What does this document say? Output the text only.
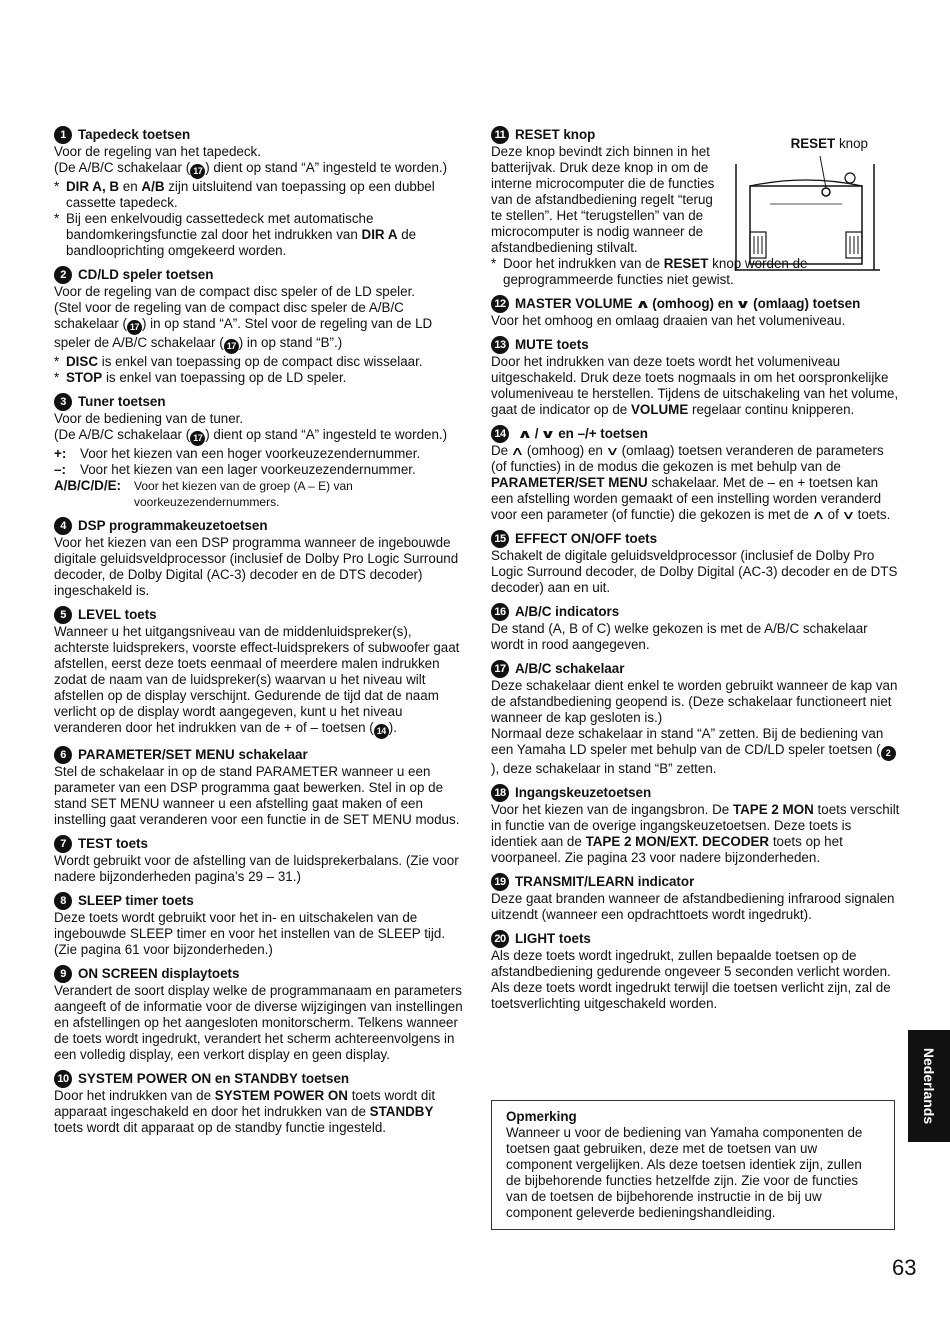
1 Tapedeck toetsen

Voor de regeling van het tapedeck.

(De A/B/C schakelaar ( 17 ) dient op stand “A” ingesteld te worden.)

* DIR A, B en A/B zijn uitsluitend van toepassing op een dubbel cassette tapedeck.
* Bij een enkelvoudig cassettedeck met automatische bandomkeringsfunctie zal door het indrukken van DIR A de bandlooprichting omgekeerd worden.
2 CD/LD speler toetsen

Voor de regeling van de compact disc speler of de LD speler.

(Stel voor de regeling van de compact disc speler de A/B/C schakelaar ( 17 ) in op stand “A”. Stel voor de regeling van de LD speler de A/B/C schakelaar ( 17 ) in op stand “B”.)

* DISC is enkel van toepassing op de compact disc wisselaar.
* STOP is enkel van toepassing op de LD speler.
3 Tuner toetsen

Voor de bediening van de tuner.

(De A/B/C schakelaar ( 17 ) dient op stand “A” ingesteld te worden.)

+:	Voor het kiezen van een hoger voorkeuzezendernummer.
–:	Voor het kiezen van een lager voorkeuzezendernummer.
A/B/C/D/E:	Voor het kiezen van de groep (A – E) van voorkeuzezendernummers.
4 DSP programmakeuzetoetsen

Voor het kiezen van een DSP programma wanneer de ingebouwde digitale geluidsveldprocessor (inclusief de Dolby Pro Logic Surround decoder, de Dolby Digital (AC-3) decoder en de DTS decoder) ingeschakeld is.

5 LEVEL toets

Wanneer u het uitgangsniveau van de middenluidspreker(s), achterste luidsprekers, voorste effect-luidsprekers of subwoofer gaat afstellen, eerst deze toets eenmaal of meerdere malen indrukken zodat de naam van de luidspreker(s) waarvan u het niveau wilt afstellen op de display verschijnt. Gedurende de tijd dat de naam verlicht op de display wordt aangegeven, kunt u het niveau veranderen door het indrukken van de + of – toetsen ( 14 ).

6 PARAMETER/SET MENU schakelaar

Stel de schakelaar in op de stand PARAMETER wanneer u een parameter van een DSP programma gaat bewerken. Stel in op de stand SET MENU wanneer u een afstelling gaat maken of een instelling gaat veranderen voor een functie in de SET MENU modus.

7 TEST toets

Wordt gebruikt voor de afstelling van de luidsprekerbalans. (Zie voor nadere bijzonderheden pagina’s 29 – 31.)

8 SLEEP timer toets

Deze toets wordt gebruikt voor het in- en uitschakelen van de ingebouwde SLEEP timer en voor het instellen van de SLEEP tijd. (Zie pagina 61 voor bijzonderheden.)

9 ON SCREEN displaytoets

Verandert de soort display welke de programmanaam en parameters aangeeft of de informatie voor de diverse wijzigingen van instellingen en afstellingen op het aangesloten monitorscherm. Telkens wanneer de toets wordt ingedrukt, verandert het scherm achtereenvolgens in een volledig display, een verkort display en geen display.

10 SYSTEM POWER ON en STANDBY toetsen

Door het indrukken van de SYSTEM POWER ON toets wordt dit apparaat ingeschakeld en door het indrukken van de STANDBY toets wordt dit apparaat op de standby functie ingesteld.

11 RESET knop

Deze knop bevindt zich binnen in het batterijvak. Druk deze knop in om de interne microcomputer die de functies van de afstandbediening regelt “terug te stellen”. Het “terugstellen” van de microcomputer is nodig wanneer de afstandbediening stilvalt.

* Door het indrukken van de RESET knop worden de geprogrammeerde functies niet gewist.
12 MASTER VOLUME ∧ (omhoog) en ∨ (omlaag) toetsen

Voor het omhoog en omlaag draaien van het volumeniveau.

13 MUTE toets

Door het indrukken van deze toets wordt het volumeniveau uitgeschakeld. Druk deze toets nogmaals in om het oorspronkelijke volumeniveau te herstellen. Tijdens de uitschakeling van het volume, gaat de indicator op de VOLUME regelaar continu knipperen.

14 ∧ / ∨ en –/+ toetsen

De ∧ (omhoog) en ∨ (omlaag) toetsen veranderen de parameters (of functies) in de modus die gekozen is met behulp van de PARAMETER/SET MENU schakelaar. Met de – en + toetsen kan een afstelling worden gemaakt of een instelling worden veranderd voor een parameter (of functie) die gekozen is met de ∧ of ∨ toets.

15 EFFECT ON/OFF toets

Schakelt de digitale geluidsveldprocessor (inclusief de Dolby Pro Logic Surround decoder, de Dolby Digital (AC-3) decoder en de DTS decoder) aan en uit.

16 A/B/C indicators

De stand (A, B of C) welke gekozen is met de A/B/C schakelaar wordt in rood aangegeven.

17 A/B/C schakelaar

Deze schakelaar dient enkel te worden gebruikt wanneer de kap van de afstandbediening geopend is. (Deze schakelaar functioneert niet wanneer de kap gesloten is.)

Normaal deze schakelaar in stand “A” zetten. Bij de bediening van een Yamaha LD speler met behulp van de CD/LD speler toetsen ( 2), deze schakelaar in stand “B” zetten.

18 Ingangskeuzetoetsen

Voor het kiezen van de ingangsbron. De TAPE 2 MON toets verschilt in functie van de overige ingangskeuzetoetsen. Deze toets is identiek aan de TAPE 2 MON/EXT. DECODER toets op het voorpaneel. Zie pagina 23 voor nadere bijzonderheden.

19 TRANSMIT/LEARN indicator

Deze gaat branden wanneer de afstandbediening infrarood signalen uitzendt (wanneer een opdrachttoets wordt ingedrukt).

20 LIGHT toets

Als deze toets wordt ingedrukt, zullen bepaalde toetsen op de afstandbediening gedurende ongeveer 5 seconden verlicht worden. Als deze toets wordt ingedrukt terwijl die toetsen verlicht zijn, zal de toetsverlichting uitgeschakeld worden.

RESET knop
Opmerking
Wanneer u voor de bediening van Yamaha componenten de toetsen gaat gebruiken, deze met de toetsen van uw component vergelijken. Als deze toetsen identiek zijn, zullen de bijbehorende functies hetzelfde zijn. Zie voor de functies van de toetsen de bijbehorende instructie in de bij uw component geleverde bedieningshandleiding.
Nederlands
63
